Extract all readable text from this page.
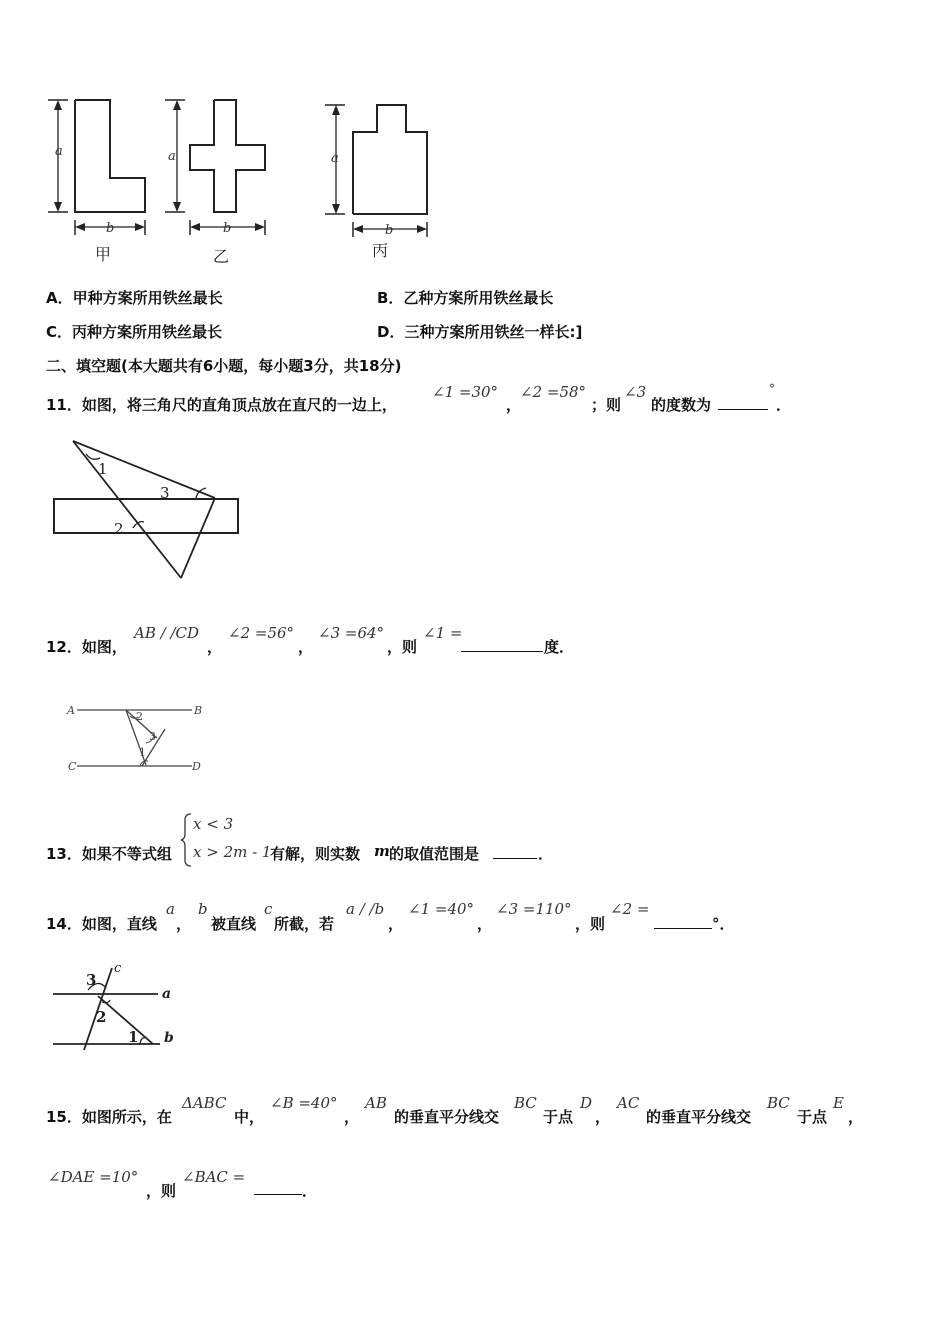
a
b
a
b
a
b
甲	乙	丙
A．甲种方案所用铁丝最长	B．乙种方案所用铁丝最长
C．丙种方案所用铁丝最长	D．三种方案所用铁丝一样长:]
二、填空题(本大题共有6小题，每小题3分，共18分)
11．如图，将三角尺的直角顶点放在直尺的一边上，
∠1 =30°
，
∠2 =58°
；则
∠3
的度数为
°
．
1
3
2
12．如图，
AB / /CD
，
∠2 =56°
，
∠3 =64°
，则
∠1 =
度．
A	B
C	D
2
3
1
13．如果不等式组
x < 3
x > 2m - 1
有解，则实数 m 的取值范围是	．
14．如图，直线
a
，
b
被直线
c
所截，若
a / /b
，
∠1 =40°
，
∠3 =110°
，则
∠2 =
°．
3
c
a
2
1 b
15．如图所示，在
ΔABC
中，
∠B =40°
，
AB
的垂直平分线交
BC
于点
D
，
AC
的垂直平分线交
BC
于点
E
，
∠DAE =10°
，则
∠BAC =
．
